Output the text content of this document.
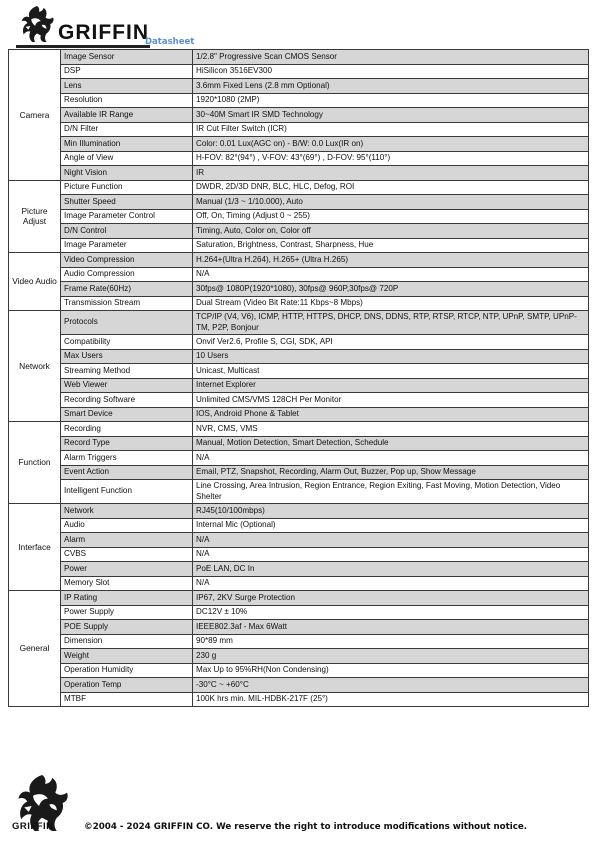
GRIFFIN
Datasheet
Camera	Image Sensor	1/2.8" Progressive Scan CMOS Sensor
	DSP	HiSilicon 3516EV300
	Lens	3.6mm Fixed Lens (2.8 mm Optional)
	Resolution	1920*1080 (2MP)
	Available IR Range	30~40M Smart IR SMD Technology
	D/N Filter	IR Cut Filter Switch (ICR)
	Min Illumination	Color: 0.01 Lux(AGC on) - B/W: 0.0 Lux(IR on)
	Angle of View	H-FOV: 82°(94°) , V-FOV: 43°(69°) , D-FOV: 95°(110°)
	Night Vision	IR
Picture Adjust	Picture Function	DWDR, 2D/3D DNR, BLC, HLC, Defog, ROI
	Shutter Speed	Manual (1/3 ~ 1/10.000), Auto
	Image Parameter Control	Off, On, Timing (Adjust 0 ~ 255)
	D/N Control	Timing, Auto, Color on, Color off
	Image Parameter	Saturation, Brightness, Contrast, Sharpness, Hue
Video Audio	Video Compression	H.264+(Ultra H.264), H.265+ (Ultra H.265)
	Audio Compression	N/A
	Frame Rate(60Hz)	30fps@ 1080P(1920*1080), 30fps@ 960P,30fps@ 720P
	Transmission Stream	Dual Stream (Video Bit Rate:11 Kbps~8 Mbps)
Network	Protocols	TCP/IP (V4, V6), ICMP, HTTP, HTTPS, DHCP, DNS, DDNS, RTP, RTSP, RTCP, NTP, UPnP, SMTP, UPnP-TM, P2P, Bonjour
	Compatibility	Onvif Ver2.6, Profile S, CGI, SDK, API
	Max Users	10 Users
	Streaming Method	Unicast, Multicast
	Web Viewer	Internet Explorer
	Recording Software	Unlimited CMS/VMS 128CH Per Monitor
	Smart Device	IOS, Android Phone & Tablet
Function	Recording	NVR, CMS, VMS
	Record Type	Manual, Motion Detection, Smart Detection, Schedule
	Alarm Triggers	N/A
	Event Action	Email, PTZ, Snapshot, Recording, Alarm Out, Buzzer, Pop up, Show Message
	Intelligent Function	Line Crossing, Area Intrusion, Region Entrance, Region Exiting, Fast Moving, Motion Detection, Video Shelter
Interface	Network	RJ45(10/100mbps)
	Audio	Internal Mic (Optional)
	Alarm	N/A
	CVBS	N/A
	Power	PoE LAN, DC In
	Memory Slot	N/A
General	IP Rating	IP67, 2KV Surge Protection
	Power Supply	DC12V ± 10%
	POE Supply	IEEE802.3af - Max 6Watt
	Dimension	90*89 mm
	Weight	230 g
	Operation Humidity	Max Up to 95%RH(Non Condensing)
	Operation Temp	-30°C ~ +60°C
	MTBF	100K hrs min. MIL-HDBK-217F (25°)
GRIFFIN	©2004 - 2024 GRIFFIN CO. We reserve the right to introduce modifications without notice.
